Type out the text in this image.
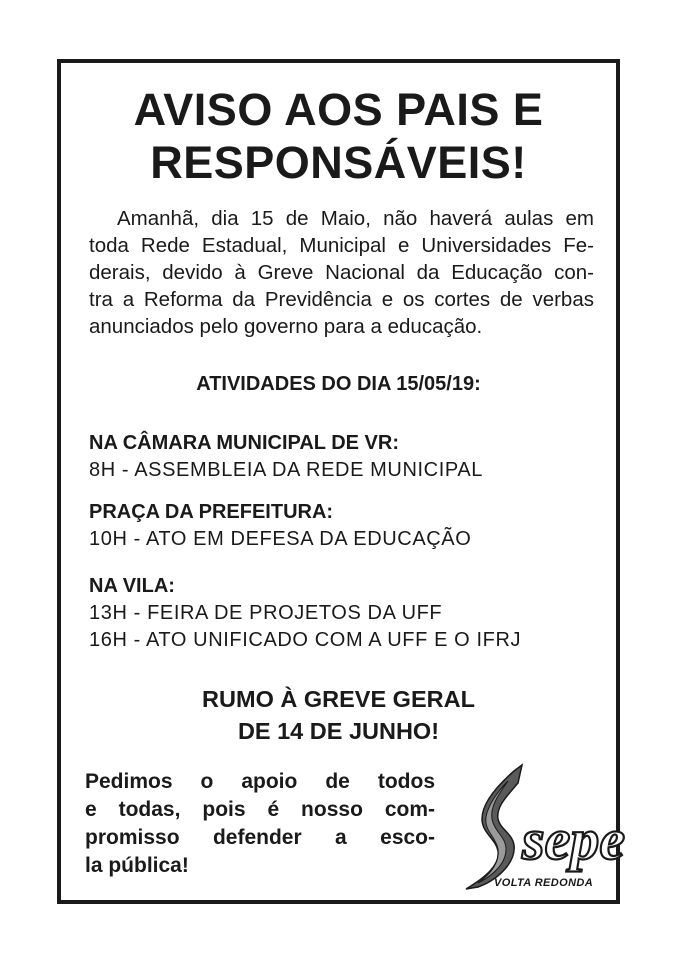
AVISO AOS PAIS E
RESPONSÁVEIS!
Amanhã, dia 15 de Maio, não haverá aulas em
toda Rede Estadual, Municipal e Universidades Fe-
derais, devido à Greve Nacional da Educação con-
tra a Reforma da Previdência e os cortes de verbas
anunciados pelo governo para a educação.
ATIVIDADES DO DIA 15/05/19:
NA CÂMARA MUNICIPAL DE VR:
8H - ASSEMBLEIA DA REDE MUNICIPAL
PRAÇA DA PREFEITURA:
10H - ATO EM DEFESA DA EDUCAÇÃO
NA VILA:
13H - FEIRA DE PROJETOS DA UFF
16H - ATO UNIFICADO COM A UFF E O IFRJ
RUMO À GREVE GERAL
DE 14 DE JUNHO!
Pedimos o apoio de todos
e todas, pois é nosso com-
promisso defender a esco-
la pública!	sepe
VOLTA REDONDA
